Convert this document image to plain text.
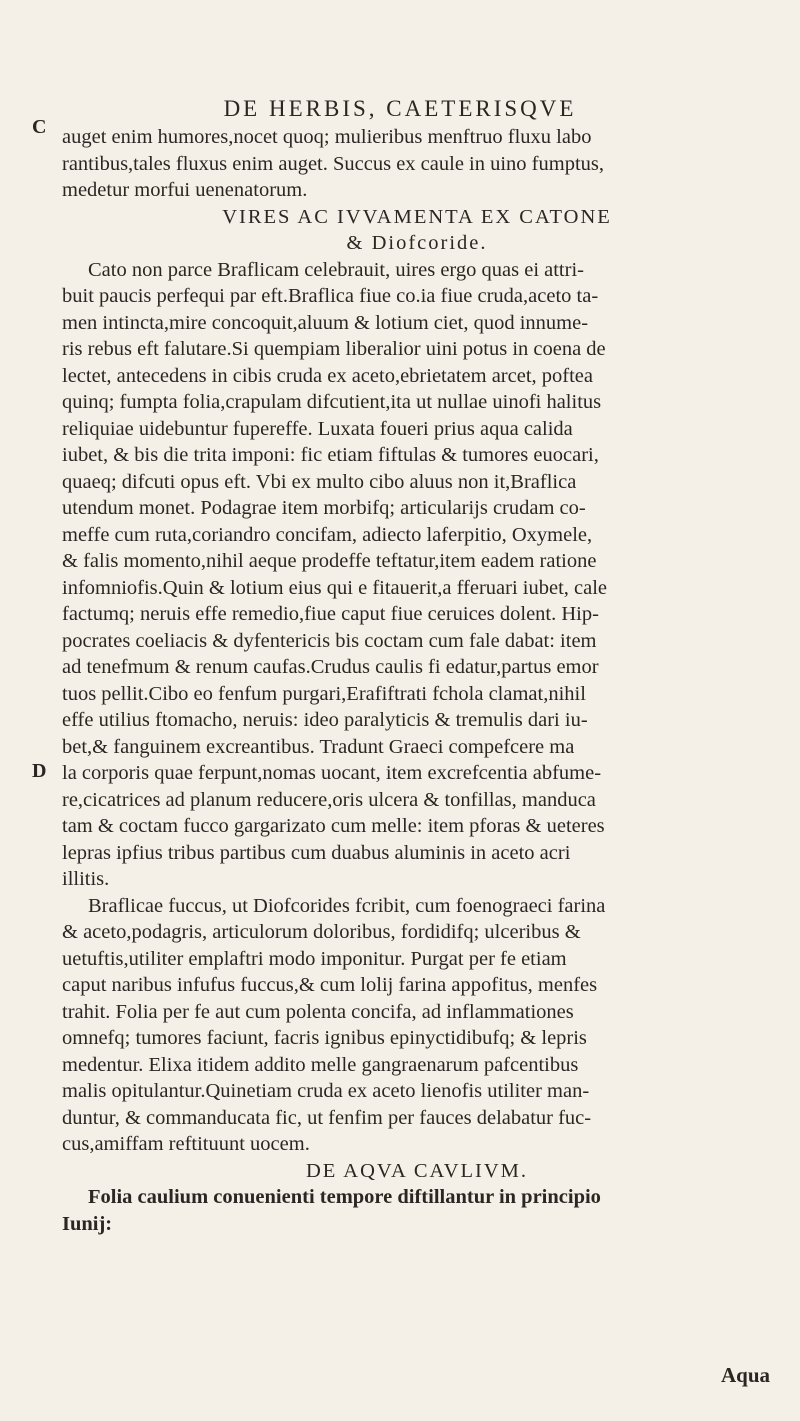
DE HERBIS, CAETERISQVE
C
D
auget enim humores,nocet quoq; mulieribus menftruo fluxu labo
rantibus,tales fluxus enim auget. Succus ex caule in uino fumptus,
medetur morfui uenenatorum.
VIRES AC IVVAMENTA EX CATONE
& Diofcoride.
Cato non parce Braflicam celebrauit, uires ergo quas ei attri-
buit paucis perfequi par eft.Braflica fiue co.ia fiue cruda,aceto ta-
men intincta,mire concoquit,aluum & lotium ciet, quod innume-
ris rebus eft falutare.Si quempiam liberalior uini potus in coena de
lectet, antecedens in cibis cruda ex aceto,ebrietatem arcet, poftea
quinq; fumpta folia,crapulam difcutient,ita ut nullae uinofi halitus
reliquiae uidebuntur fupereffe. Luxata foueri prius aqua calida
iubet, & bis die trita imponi: fic etiam fiftulas & tumores euocari,
quaeq; difcuti opus eft. Vbi ex multo cibo aluus non it,Braflica
utendum monet. Podagrae item morbifq; articularijs crudam co-
meffe cum ruta,coriandro concifam, adiecto laferpitio, Oxymele,
& falis momento,nihil aeque prodeffe teftatur,item eadem ratione
infomniofis.Quin & lotium eius qui e fitauerit,a fferuari iubet, cale
factumq; neruis effe remedio,fiue caput fiue ceruices dolent. Hip-
pocrates coeliacis & dyfentericis bis coctam cum fale dabat: item
ad tenefmum & renum caufas.Crudus caulis fi edatur,partus emor
tuos pellit.Cibo eo fenfum purgari,Erafiftrati fchola clamat,nihil
effe utilius ftomacho, neruis: ideo paralyticis & tremulis dari iu-
bet,& fanguinem excreantibus. Tradunt Graeci compefcere ma
la corporis quae ferpunt,nomas uocant, item excrefcentia abfume-
re,cicatrices ad planum reducere,oris ulcera & tonfillas, manduca
tam & coctam fucco gargarizato cum melle: item pforas & ueteres
lepras ipfius tribus partibus cum duabus aluminis in aceto acri
illitis.
Braflicae fuccus, ut Diofcorides fcribit, cum foenograeci farina
& aceto,podagris, articulorum doloribus, fordidifq; ulceribus &
uetuftis,utiliter emplaftri modo imponitur. Purgat per fe etiam
caput naribus infufus fuccus,& cum lolij farina appofitus, menfes
trahit. Folia per fe aut cum polenta concifa, ad inflammationes
omnefq; tumores faciunt, facris ignibus epinyctidibufq; & lepris
medentur. Elixa itidem addito melle gangraenarum pafcentibus
malis opitulantur.Quinetiam cruda ex aceto lienofis utiliter man-
duntur, & commanducata fic, ut fenfim per fauces delabatur fuc-
cus,amiffam reftituunt uocem.
DE AQVA CAVLIVM.
Folia caulium conuenienti tempore diftillantur in principio
Iunij:
Aqua
